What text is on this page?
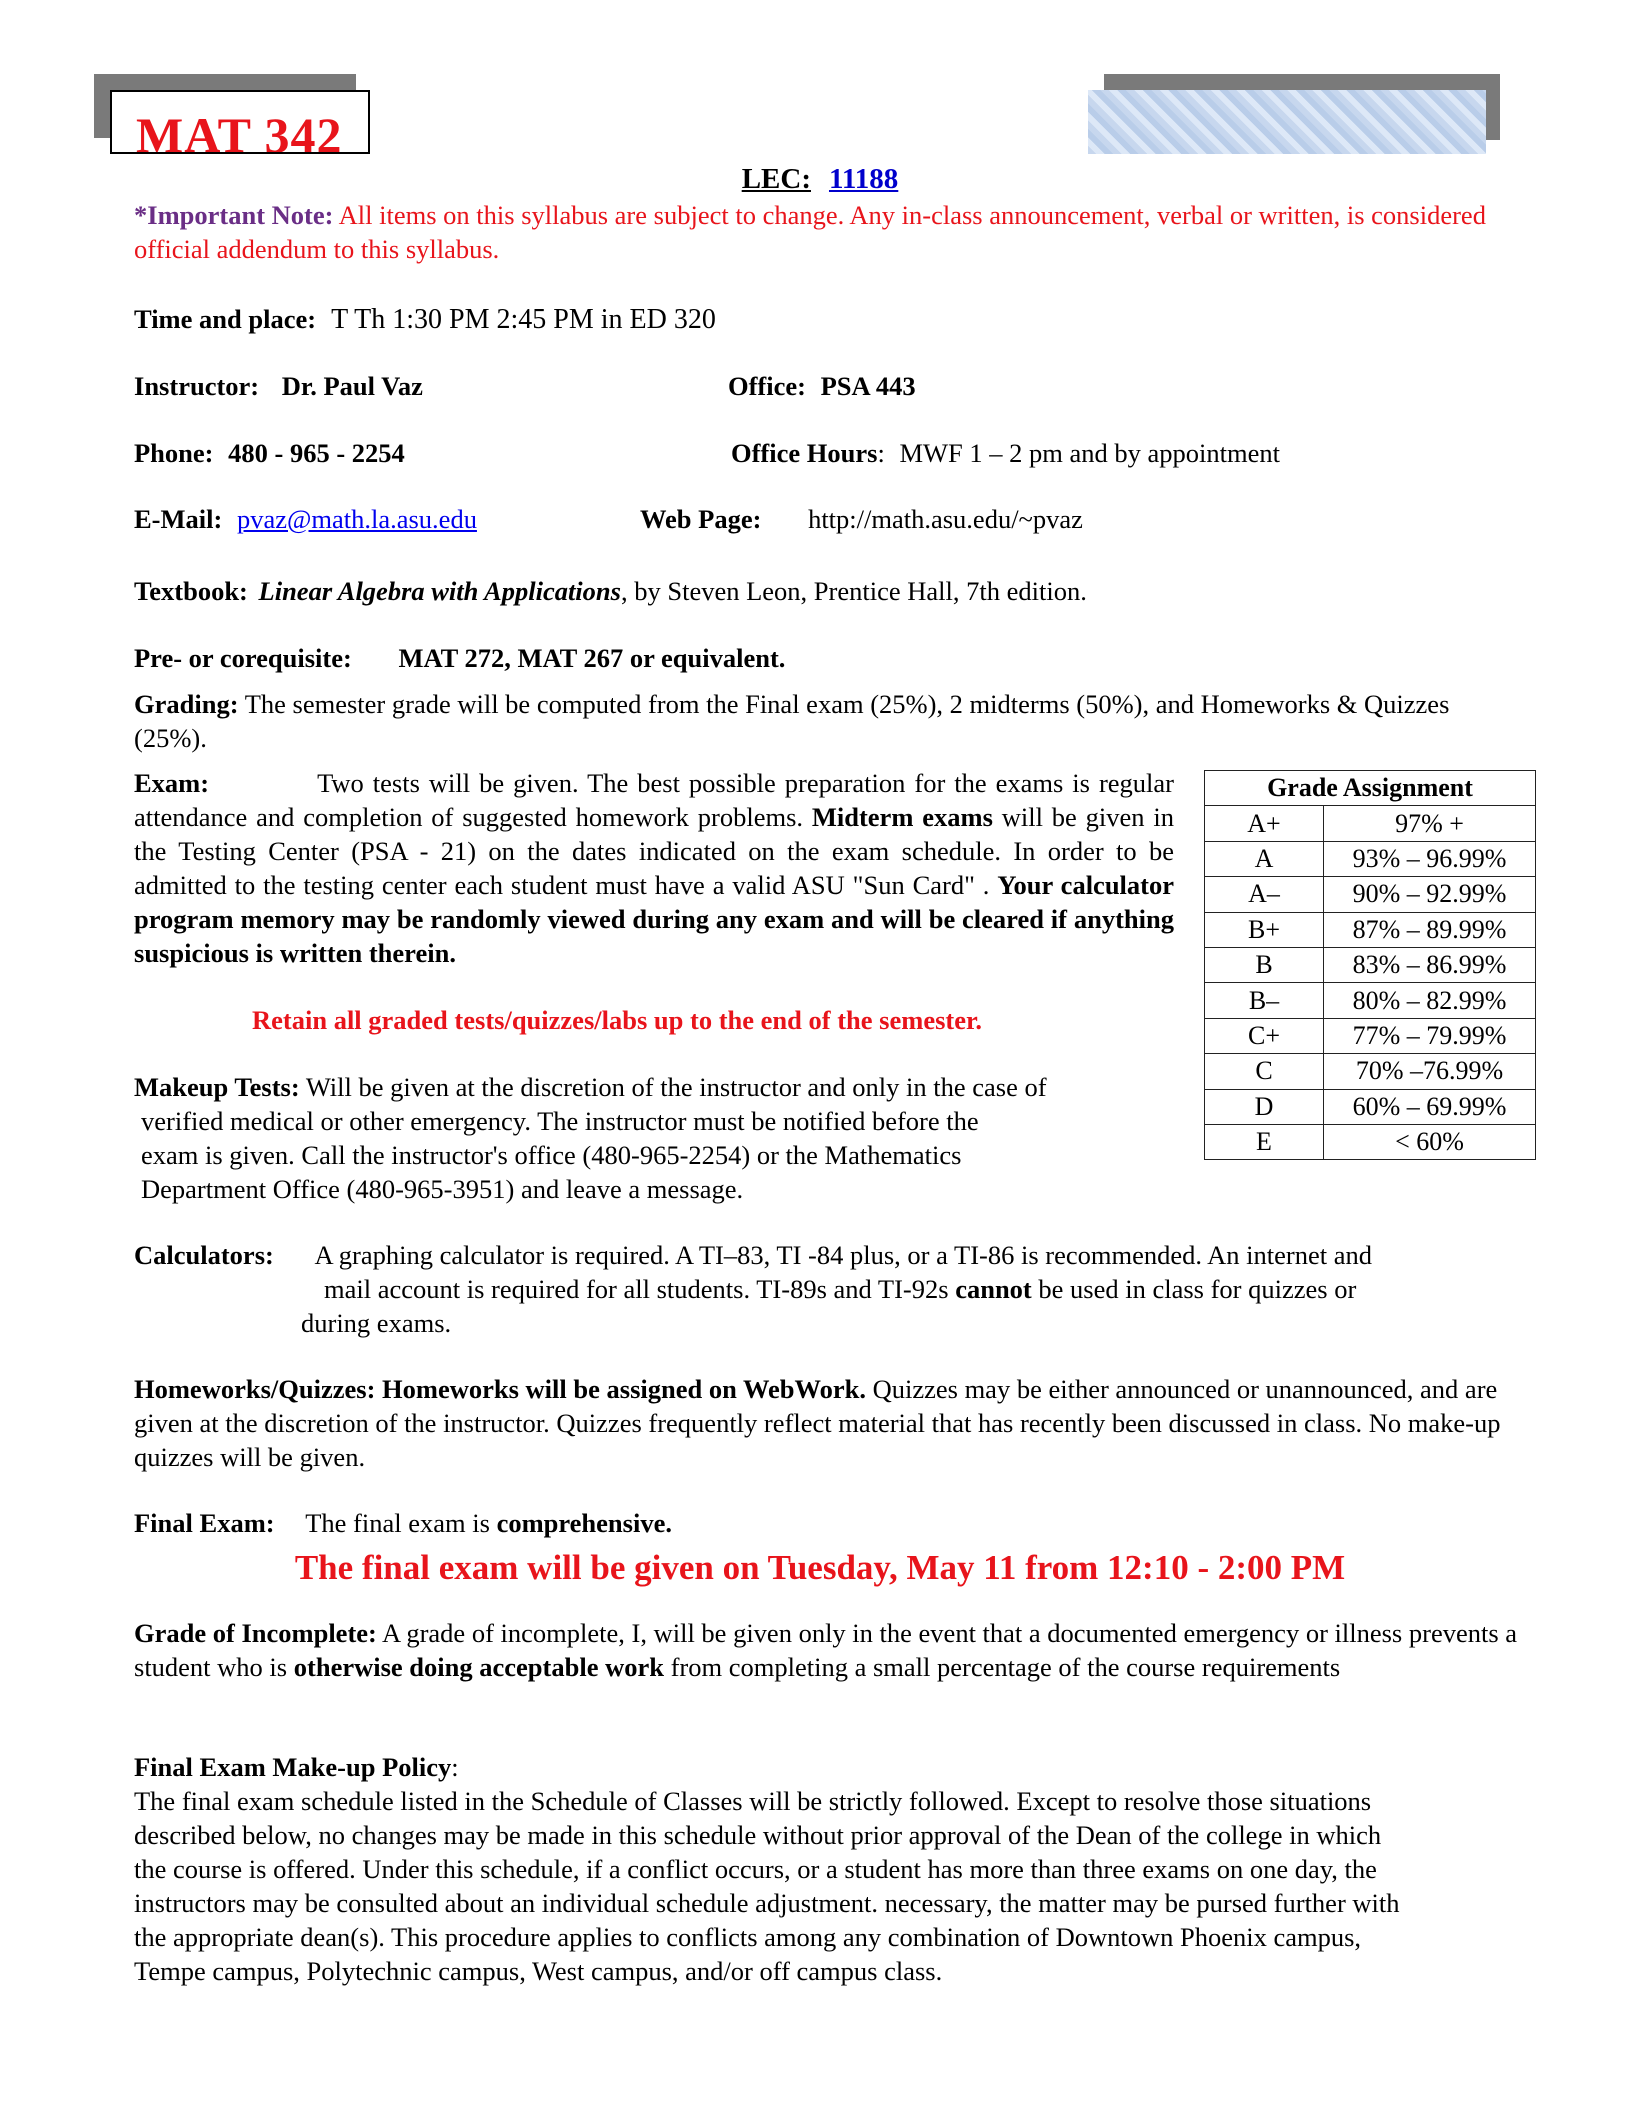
MAT 342
LEC: 11188
*Important Note: All items on this syllabus are subject to change. Any in-class announcement, verbal or written, is considered official addendum to this syllabus.
Time and place: T Th 1:30 PM 2:45 PM in ED 320
Instructor: Dr. Paul Vaz	Office: PSA 443
Phone: 480 - 965 - 2254	Office Hours: MWF 1 – 2 pm and by appointment
E-Mail: pvaz@math.la.asu.edu	Web Page: http://math.asu.edu/~pvaz
Textbook: Linear Algebra with Applications, by Steven Leon, Prentice Hall, 7th edition.
Pre- or corequisite: MAT 272, MAT 267 or equivalent.
Grading: The semester grade will be computed from the Final exam (25%), 2 midterms (50%), and Homeworks & Quizzes (25%).
Exam:	Two tests will be given. The best possible preparation for the exams is regular attendance and completion of suggested homework problems. Midterm exams will be given in the Testing Center (PSA - 21) on the dates indicated on the exam schedule. In order to be admitted to the testing center each student must have a valid ASU "Sun Card" . Your calculator program memory may be randomly viewed during any exam and will be cleared if anything suspicious is written therein.
Retain all graded tests/quizzes/labs up to the end of the semester.
Makeup Tests: Will be given at the discretion of the instructor and only in the case of
verified medical or other emergency. The instructor must be notified before the
exam is given. Call the instructor's office (480-965-2254) or the Mathematics
Department Office (480-965-3951) and leave a message.
Grade Assignment	
A+	97% +
A	93% – 96.99%
A–	90% – 92.99%
B+	87% – 89.99%
B	83% – 86.99%
B–	80% – 82.99%
C+	77% – 79.99%
C	70% –76.99%
D	60% – 69.99%
E	< 60%
Calculators: A graphing calculator is required. A TI–83, TI -84 plus, or a TI-86 is recommended. An internet and
mail account is required for all students. TI-89s and TI-92s cannot be used in class for quizzes or
during exams.
Homeworks/Quizzes: Homeworks will be assigned on WebWork. Quizzes may be either announced or unannounced, and are given at the discretion of the instructor. Quizzes frequently reflect material that has recently been discussed in class. No make-up quizzes will be given.
Final Exam: The final exam is comprehensive.
The final exam will be given on Tuesday, May 11 from 12:10 - 2:00 PM
Grade of Incomplete: A grade of incomplete, I, will be given only in the event that a documented emergency or illness prevents a student who is otherwise doing acceptable work from completing a small percentage of the course requirements
Final Exam Make-up Policy:
The final exam schedule listed in the Schedule of Classes will be strictly followed. Except to resolve those situations
described below, no changes may be made in this schedule without prior approval of the Dean of the college in which
the course is offered. Under this schedule, if a conflict occurs, or a student has more than three exams on one day, the
instructors may be consulted about an individual schedule adjustment. necessary, the matter may be pursed further with
the appropriate dean(s). This procedure applies to conflicts among any combination of Downtown Phoenix campus,
Tempe campus, Polytechnic campus, West campus, and/or off campus class.
